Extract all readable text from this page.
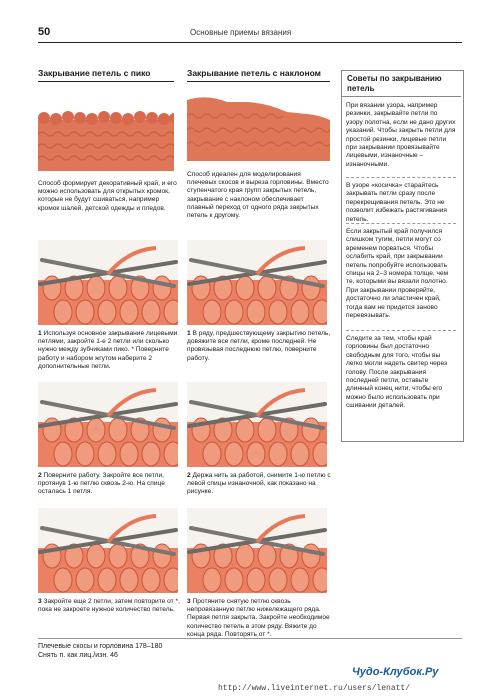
50	Основные приемы вязания
Закрывание петель с пико	Закрывание петель с наклоном
Советы по закрыванию петель
При вязании узора, например резинки, закрывайте петли по узору полотна, если не дано других указаний. Чтобы закрыть петли для простой резинки, лицевые петли при закрывании провязывайте лицевыми, изнаночные – изнаночными.
В узоре «косичка» старайтесь закрывать петли сразу после перекрещивания петель. Это не позволит избежать растягивания петель.
Если закрытый край получился слишком тугим, петли могут со временем порваться. Чтобы ослабить край, при закрывании петель попробуйте использовать спицы на 2–3 номера толще, чем те, которыми вы вязали полотно. При закрывании проверяйте, достаточно ли эластичен край, тогда вам не придется заново перевязывать.
Следите за тем, чтобы край горловины был достаточно свободным для того, чтобы вы легко могли надеть свитер через голову. После закрывания последней петли, оставьте длинный конец нити, чтобы его можно было использовать при сшивании деталей.
Способ формирует декоративный край, и его можно использовать для открытых кромок, которые не будут сшиваться, например кромок шалей, детской одежды и пледов.
Способ идеален для моделирования плечевых скосов и выреза горловины. Вместо ступенчатого края групп закрытых петель, закрывание с наклоном обеспечивает плавный переход от одного ряда закрытых петель к другому.
1 Используя основное закрывание лицевыми петлями, закройте 1-е 2 петли или сколько нужно между зубчиками пико. * Поверните работу и набором жгутом наберите 2 дополнительные петли.
2 Поверните работу. Закройте все петли, протянув 1-ю петлю сквозь 2-ю. На спице осталась 1 петля.
3 Закройте еще 2 петли, затем повторите от *, пока не закроете нужное количество петель.
1 В ряду, предшествующему закрытию петель, довяжите все петли, кроме последней. Не провязывая последнюю петлю, поверните работу.
2 Держа нить за работой, снимите 1-ю петлю с левой спицы изнаночной, как показано на рисунке.
3 Протяните снятую петлю сквозь непровязанную петлю нижележащего ряда. Первая петля закрыта. Закройте необходимое количество петель в этом ряду. Вяжите до конца ряда. Повторять от *.
Плечевые скосы и горловина 178–180
Снять п. как лиц./изн. 46
Чудо-Клубок.Ру
http://www.liveinternet.ru/users/lenatt/
